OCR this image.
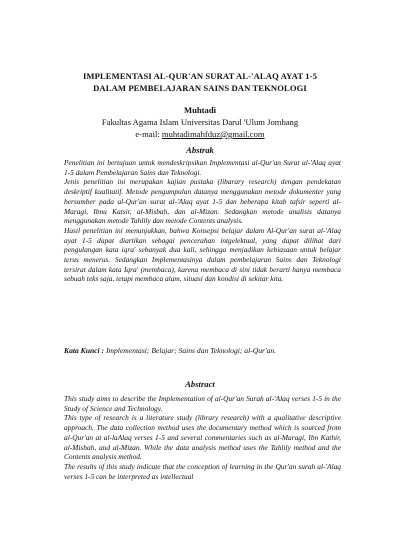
IMPLEMENTASI AL-QUR'AN SURAT AL-'ALAQ AYAT 1-5
DALAM PEMBELAJARAN SAINS DAN TEKNOLOGI
Muhtadi
Fakultas Agama Islam Universitas Darul 'Ulum Jombang
e-mail: muhtadimahfduz@gmail.com
Abstrak

Penelitian ini bertujuan untuk mendeskripsikan Implementasi al-Qur'an Surat al-'Alaq ayat 1-5 dalam Pembelajaran Sains dan Teknologi.

Jenis penelitian ini merupakan kajian pustaka (libarary research) dengan pendekatan deskriptif kualitatif. Metode pengumpulan datanya menggunakan metode dokumenter yang bersumber pada al-Qur'an surat al-'Alaq ayat 1-5 dan beberapa kitab tafsir seperti al-Maragi, Ibnu Katsir, al-Misbah, dan al-Mizan. Sedangkan metode analisis datanya menggunakan metode Tahlily dan metode Contents analysis.

Hasil penelitian ini menunjukkan, bahwa Konsepsi belajar dalam Al-Qur'an surat al-'Alaq ayat 1-5 dapat diartikan sebagai pencerahan intgelektual, yang dapat dilihat dari pengulangan kata iqra' sebanyak dua kali, sehingga menjadikan kebiasaan untuk belajar terus menerus. Sedangkan Implementasinya dalam pembelajaran Sains dan Teknologi tersirat dalam kata Iqra' (membaca), karena membaca di sini tidak berarti hanya membaca sebuah teks saja, tetapi membaca alam, situasi dan kondisi di sekitar kita.

Kata Kunci : Implementasi; Belajar; Sains dan Teknologi; al-Qur'an.
Abstract

This study aims to describe the Implementation of al-Qur'an Surah al-'Alaq verses 1-5 in the Study of Science and Technology.

This type of research is a literature study (library research) with a qualitative descriptive approach. The data collection method uses the documentary method which is sourced from al-Qur'an at al-laAlaq verses 1-5 and several commentaries such as al-Maragi, Ibn Kathir, al-Misbah, and al-Mizan. While the data analysis method uses the Tahlily method and the Contents analysis method.

The results of this study indicate that the conception of learning in the Qur'an surah al-'Alaq verses 1-5 can be interpreted as intellectual
